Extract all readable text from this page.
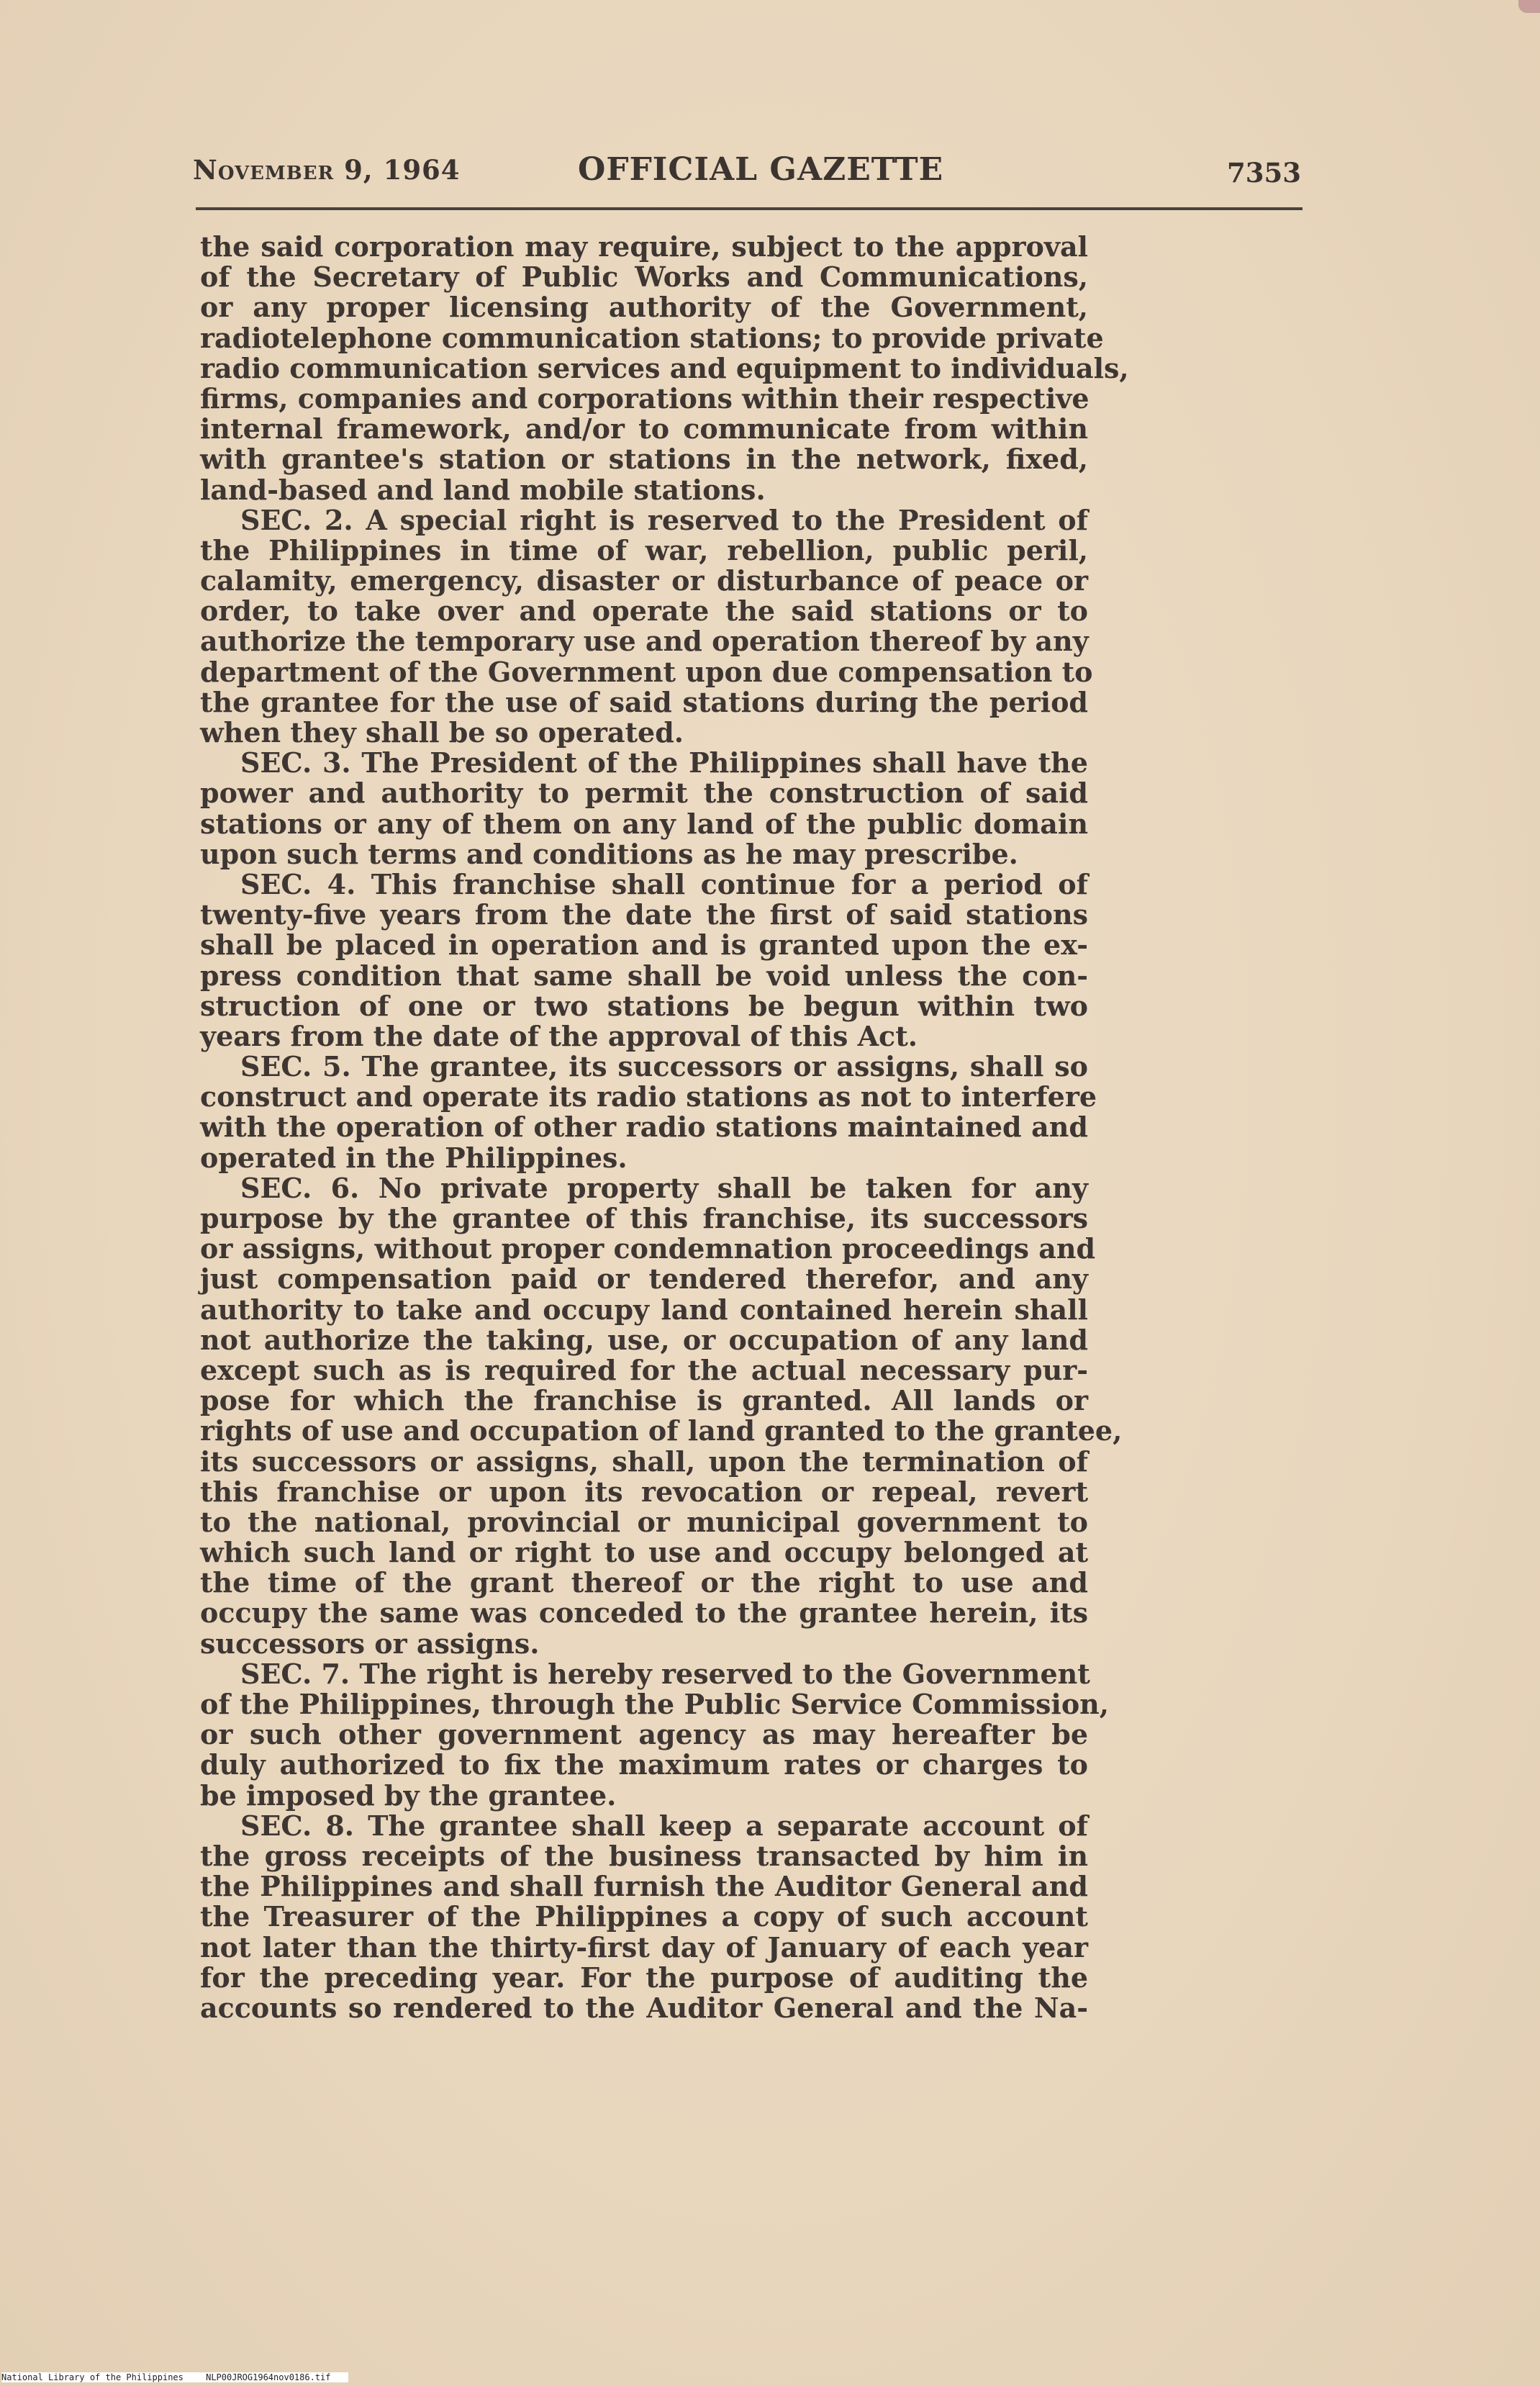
November 9, 1964	OFFICIAL GAZETTE	7353
the said corporation may require, subject to the approval
of the Secretary of Public Works and Communications,
or any proper licensing authority of the Government,
radiotelephone communication stations; to provide private
radio communication services and equipment to individuals,
firms, companies and corporations within their respective
internal framework, and/or to communicate from within
with grantee's station or stations in the network, fixed,
land-based and land mobile stations.
SEC. 2. A special right is reserved to the President of
the Philippines in time of war, rebellion, public peril,
calamity, emergency, disaster or disturbance of peace or
order, to take over and operate the said stations or to
authorize the temporary use and operation thereof by any
department of the Government upon due compensation to
the grantee for the use of said stations during the period
when they shall be so operated.
SEC. 3. The President of the Philippines shall have the
power and authority to permit the construction of said
stations or any of them on any land of the public domain
upon such terms and conditions as he may prescribe.
SEC. 4. This franchise shall continue for a period of
twenty-five years from the date the first of said stations
shall be placed in operation and is granted upon the ex-
press condition that same shall be void unless the con-
struction of one or two stations be begun within two
years from the date of the approval of this Act.
SEC. 5. The grantee, its successors or assigns, shall so
construct and operate its radio stations as not to interfere
with the operation of other radio stations maintained and
operated in the Philippines.
SEC. 6. No private property shall be taken for any
purpose by the grantee of this franchise, its successors
or assigns, without proper condemnation proceedings and
just compensation paid or tendered therefor, and any
authority to take and occupy land contained herein shall
not authorize the taking, use, or occupation of any land
except such as is required for the actual necessary pur-
pose for which the franchise is granted. All lands or
rights of use and occupation of land granted to the grantee,
its successors or assigns, shall, upon the termination of
this franchise or upon its revocation or repeal, revert
to the national, provincial or municipal government to
which such land or right to use and occupy belonged at
the time of the grant thereof or the right to use and
occupy the same was conceded to the grantee herein, its
successors or assigns.
SEC. 7. The right is hereby reserved to the Government
of the Philippines, through the Public Service Commission,
or such other government agency as may hereafter be
duly authorized to fix the maximum rates or charges to
be imposed by the grantee.
SEC. 8. The grantee shall keep a separate account of
the gross receipts of the business transacted by him in
the Philippines and shall furnish the Auditor General and
the Treasurer of the Philippines a copy of such account
not later than the thirty-first day of January of each year
for the preceding year. For the purpose of auditing the
accounts so rendered to the Auditor General and the Na-
National Library of the Philippines	NLP00JROG1964nov0186.tif
